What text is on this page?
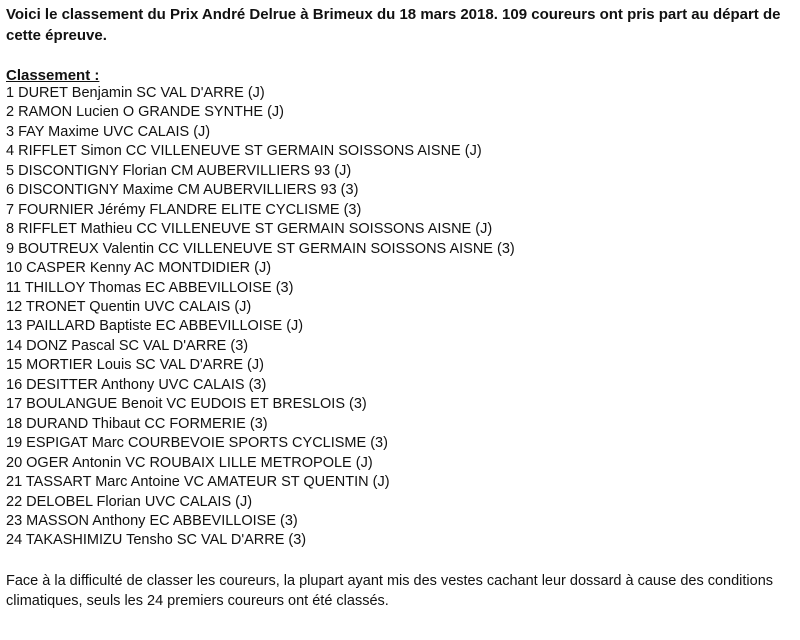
Voici le classement du Prix André Delrue à Brimeux du 18 mars 2018. 109 coureurs ont pris part au départ de cette épreuve.
Classement :
1 DURET Benjamin SC VAL D'ARRE (J)
2 RAMON Lucien O GRANDE SYNTHE (J)
3 FAY Maxime UVC CALAIS (J)
4 RIFFLET Simon CC VILLENEUVE ST GERMAIN SOISSONS AISNE (J)
5 DISCONTIGNY Florian CM AUBERVILLIERS 93 (J)
6 DISCONTIGNY Maxime CM AUBERVILLIERS 93 (3)
7 FOURNIER Jérémy FLANDRE ELITE CYCLISME (3)
8 RIFFLET Mathieu CC VILLENEUVE ST GERMAIN SOISSONS AISNE (J)
9 BOUTREUX Valentin CC VILLENEUVE ST GERMAIN SOISSONS AISNE (3)
10 CASPER Kenny AC MONTDIDIER (J)
11 THILLOY Thomas EC ABBEVILLOISE (3)
12 TRONET Quentin UVC CALAIS (J)
13 PAILLARD Baptiste EC ABBEVILLOISE (J)
14 DONZ Pascal SC VAL D'ARRE (3)
15 MORTIER Louis SC VAL D'ARRE (J)
16 DESITTER Anthony UVC CALAIS (3)
17 BOULANGUE Benoit VC EUDOIS ET BRESLOIS (3)
18 DURAND Thibaut CC FORMERIE (3)
19 ESPIGAT Marc COURBEVOIE SPORTS CYCLISME (3)
20 OGER Antonin VC ROUBAIX LILLE METROPOLE (J)
21 TASSART Marc Antoine VC AMATEUR ST QUENTIN (J)
22 DELOBEL Florian UVC CALAIS (J)
23 MASSON Anthony EC ABBEVILLOISE (3)
24 TAKASHIMIZU Tensho SC VAL D'ARRE (3)
Face à la difficulté de classer les coureurs, la plupart ayant mis des vestes cachant leur dossard à cause des conditions climatiques, seuls les 24 premiers coureurs ont été classés.
